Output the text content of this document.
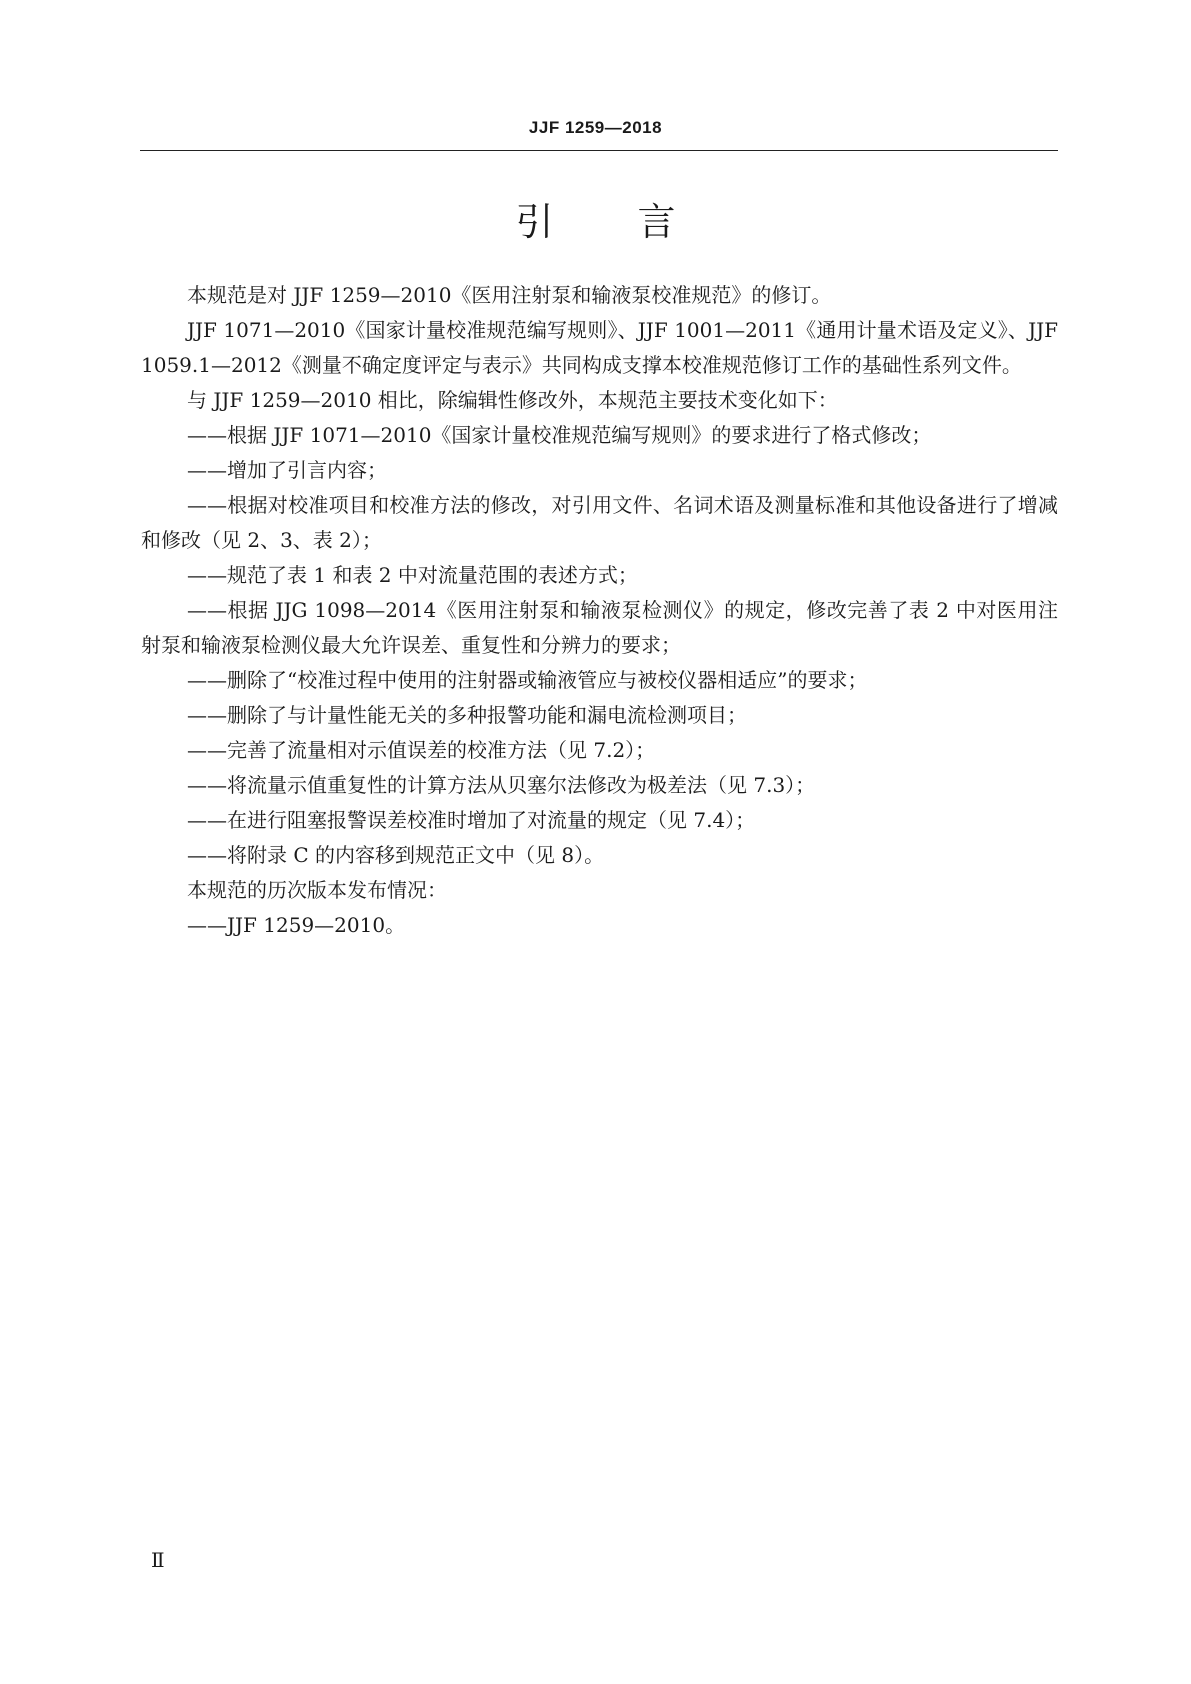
JJF 1259—2018
引言

本规范是对 JJF 1259—2010《医用注射泵和输液泵校准规范》的修订。

JJF 1071—2010《国家计量校准规范编写规则》、JJF 1001—2011《通用计量术语及定义》、JJF 1059.1—2012《测量不确定度评定与表示》共同构成支撑本校准规范修订工作的基础性系列文件。

与 JJF 1259—2010 相比，除编辑性修改外，本规范主要技术变化如下：

——根据 JJF 1071—2010《国家计量校准规范编写规则》的要求进行了格式修改；

——增加了引言内容；

——根据对校准项目和校准方法的修改，对引用文件、名词术语及测量标准和其他设备进行了增减和修改（见 2、3、表 2）；

——规范了表 1 和表 2 中对流量范围的表述方式；

——根据 JJG 1098—2014《医用注射泵和输液泵检测仪》的规定，修改完善了表 2 中对医用注射泵和输液泵检测仪最大允许误差、重复性和分辨力的要求；

——删除了“校准过程中使用的注射器或输液管应与被校仪器相适应”的要求；

——删除了与计量性能无关的多种报警功能和漏电流检测项目；

——完善了流量相对示值误差的校准方法（见 7.2）；

——将流量示值重复性的计算方法从贝塞尔法修改为极差法（见 7.3）；

——在进行阻塞报警误差校准时增加了对流量的规定（见 7.4）；

——将附录 C 的内容移到规范正文中（见 8）。

本规范的历次版本发布情况：

——JJF 1259—2010。

Ⅱ
